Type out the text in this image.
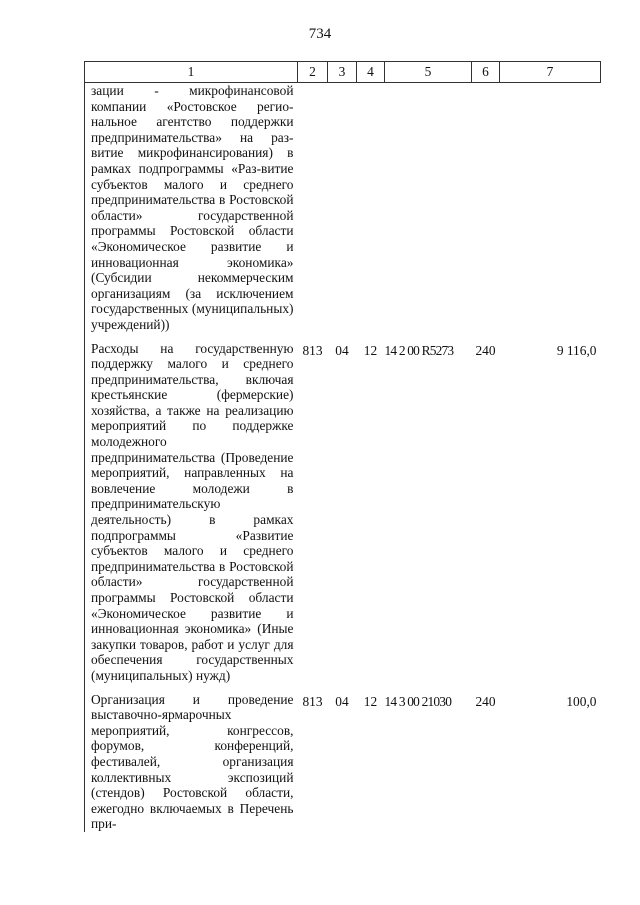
734
1	2	3	4	5	6	7
зации - микрофинансовой компании «Ростовское регио-нальное агентство поддержки предпринимательства» на раз-витие микрофинансирования) в рамках подпрограммы «Раз-витие субъектов малого и среднего предпринимательства в Ростовской области» государственной программы Ростовской области «Экономическое развитие и инновационная экономика» (Субсидии некоммерческим организациям (за исключением государственных (муниципальных) учреждений))						

Расходы на государственную поддержку малого и среднего предпринимательства, включая крестьянские (фермерские) хозяйства, а также на реализацию мероприятий по поддержке молодежного предпринимательства (Проведение мероприятий, направленных на вовлечение молодежи в предпринимательскую деятельность) в рамках подпрограммы «Развитие субъектов малого и среднего предпринимательства в Ростовской области» государственной программы Ростовской области «Экономическое развитие и инновационная экономика» (Иные закупки товаров, работ и услуг для обеспечения государственных (муниципальных) нужд)	813	04	12	14 2 00 R5273	240	9 116,0

Организация и проведение выставочно-ярмарочных мероприятий, конгрессов, форумов, конференций, фестивалей, организация коллективных экспозиций (стендов) Ростовской области, ежегодно включаемых в Перечень при-	813	04	12	14 3 00 21030	240	100,0
